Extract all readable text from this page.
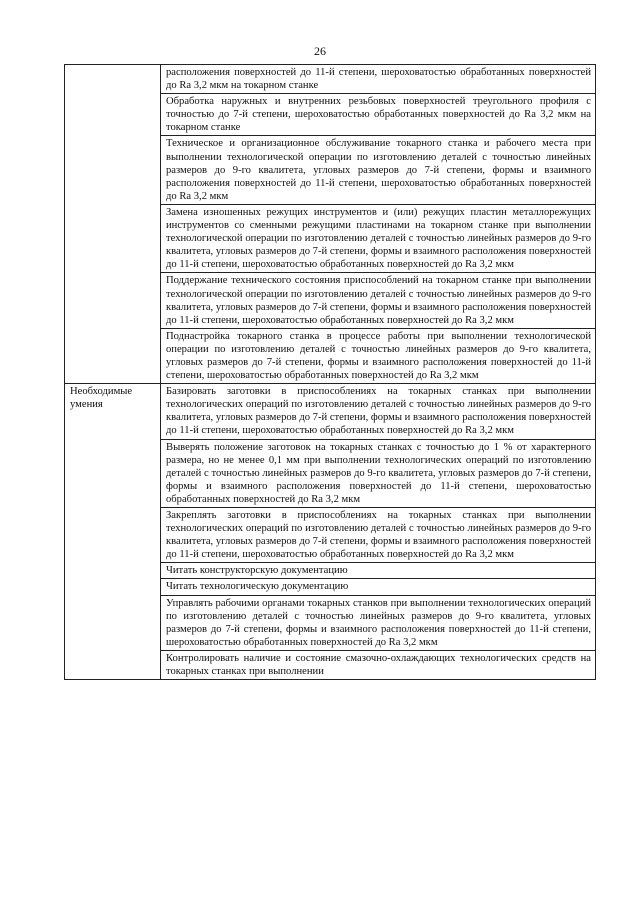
26

	расположения поверхностей до 11-й степени, шероховатостью обработанных поверхностей до Ra 3,2 мкм на токарном станке

	Обработка наружных и внутренних резьбовых поверхностей треугольного профиля с точностью до 7-й степени, шероховатостью обработанных поверхностей до Ra 3,2 мкм на токарном станке

	Техническое и организационное обслуживание токарного станка и рабочего места при выполнении технологической операции по изготовлению деталей с точностью линейных размеров до 9-го квалитета, угловых размеров до 7-й степени, формы и взаимного расположения поверхностей до 11-й степени, шероховатостью обработанных поверхностей до Ra 3,2 мкм

	Замена изношенных режущих инструментов и (или) режущих пластин металлорежущих инструментов со сменными режущими пластинами на токарном станке при выполнении технологической операции по изготовлению деталей с точностью линейных размеров до 9-го квалитета, угловых размеров до 7-й степени, формы и взаимного расположения поверхностей до 11-й степени, шероховатостью обработанных поверхностей до Ra 3,2 мкм

	Поддержание технического состояния приспособлений на токарном станке при выполнении технологической операции по изготовлению деталей с точностью линейных размеров до 9-го квалитета, угловых размеров до 7-й степени, формы и взаимного расположения поверхностей до 11-й степени, шероховатостью обработанных поверхностей до Ra 3,2 мкм

	Поднастройка токарного станка в процессе работы при выполнении технологической операции по изготовлению деталей с точностью линейных размеров до 9-го квалитета, угловых размеров до 7-й степени, формы и взаимного расположения поверхностей до 11-й степени, шероховатостью обработанных поверхностей до Ra 3,2 мкм

Необходимые умения	Базировать заготовки в приспособлениях на токарных станках при выполнении технологических операций по изготовлению деталей с точностью линейных размеров до 9-го квалитета, угловых размеров до 7-й степени, формы и взаимного расположения поверхностей до 11-й степени, шероховатостью обработанных поверхностей до Ra 3,2 мкм

	Выверять положение заготовок на токарных станках с точностью до 1 % от характерного размера, но не менее 0,1 мм при выполнении технологических операций по изготовлению деталей с точностью линейных размеров до 9-го квалитета, угловых размеров до 7-й степени, формы и взаимного расположения поверхностей до 11-й степени, шероховатостью обработанных поверхностей до Ra 3,2 мкм

	Закреплять заготовки в приспособлениях на токарных станках при выполнении технологических операций по изготовлению деталей с точностью линейных размеров до 9-го квалитета, угловых размеров до 7-й степени, формы и взаимного расположения поверхностей до 11-й степени, шероховатостью обработанных поверхностей до Ra 3,2 мкм

	Читать конструкторскую документацию

	Читать технологическую документацию

	Управлять рабочими органами токарных станков при выполнении технологических операций по изготовлению деталей с точностью линейных размеров до 9-го квалитета, угловых размеров до 7-й степени, формы и взаимного расположения поверхностей до 11-й степени, шероховатостью обработанных поверхностей до Ra 3,2 мкм

	Контролировать наличие и состояние смазочно-охлаждающих технологических средств на токарных станках при выполнении
